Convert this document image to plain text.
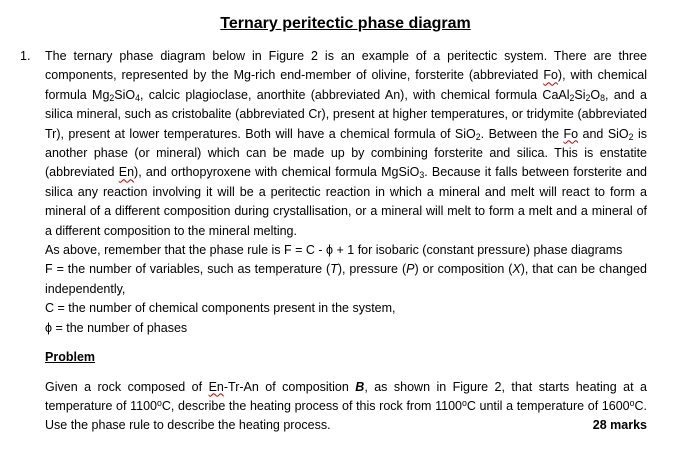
Ternary peritectic phase diagram
1. The ternary phase diagram below in Figure 2 is an example of a peritectic system. There are three components, represented by the Mg-rich end-member of olivine, forsterite (abbreviated Fo), with chemical formula $Mg_2SiO_4$, calcic plagioclase, anorthite (abbreviated An), with chemical formula $CaAl_2Si_2O_8$, and a silica mineral, such as cristobalite (abbreviated Cr), present at higher temperatures, or tridymite (abbreviated Tr), present at lower temperatures. Both will have a chemical formula of SiO$_2$. Between the Fo and SiO$_2$ is another phase (or mineral) which can be made up by combining forsterite and silica. This is enstatite (abbreviated En), and orthopyroxene with chemical formula MgSiO$_3$. Because it falls between forsterite and silica any reaction involving it will be a peritectic reaction in which a mineral and melt will react to form a mineral of a different composition during crystallisation, or a mineral will melt to form a melt and a mineral of a different composition to the mineral melting.

As above, remember that the phase rule is F = C - ϕ + 1 for isobaric (constant pressure) phase diagrams

F = the number of variables, such as temperature (T), pressure (P) or composition (X), that can be changed independently,

C = the number of chemical components present in the system,

ϕ = the number of phases

Problem

Given a rock composed of En-Tr-An of composition B, as shown in Figure 2, that starts heating at a temperature of 1100$^o$C, describe the heating process of this rock from 1100$^o$C until a temperature of 1600$^o$C. Use the phase rule to describe the heating process.	28 marks
